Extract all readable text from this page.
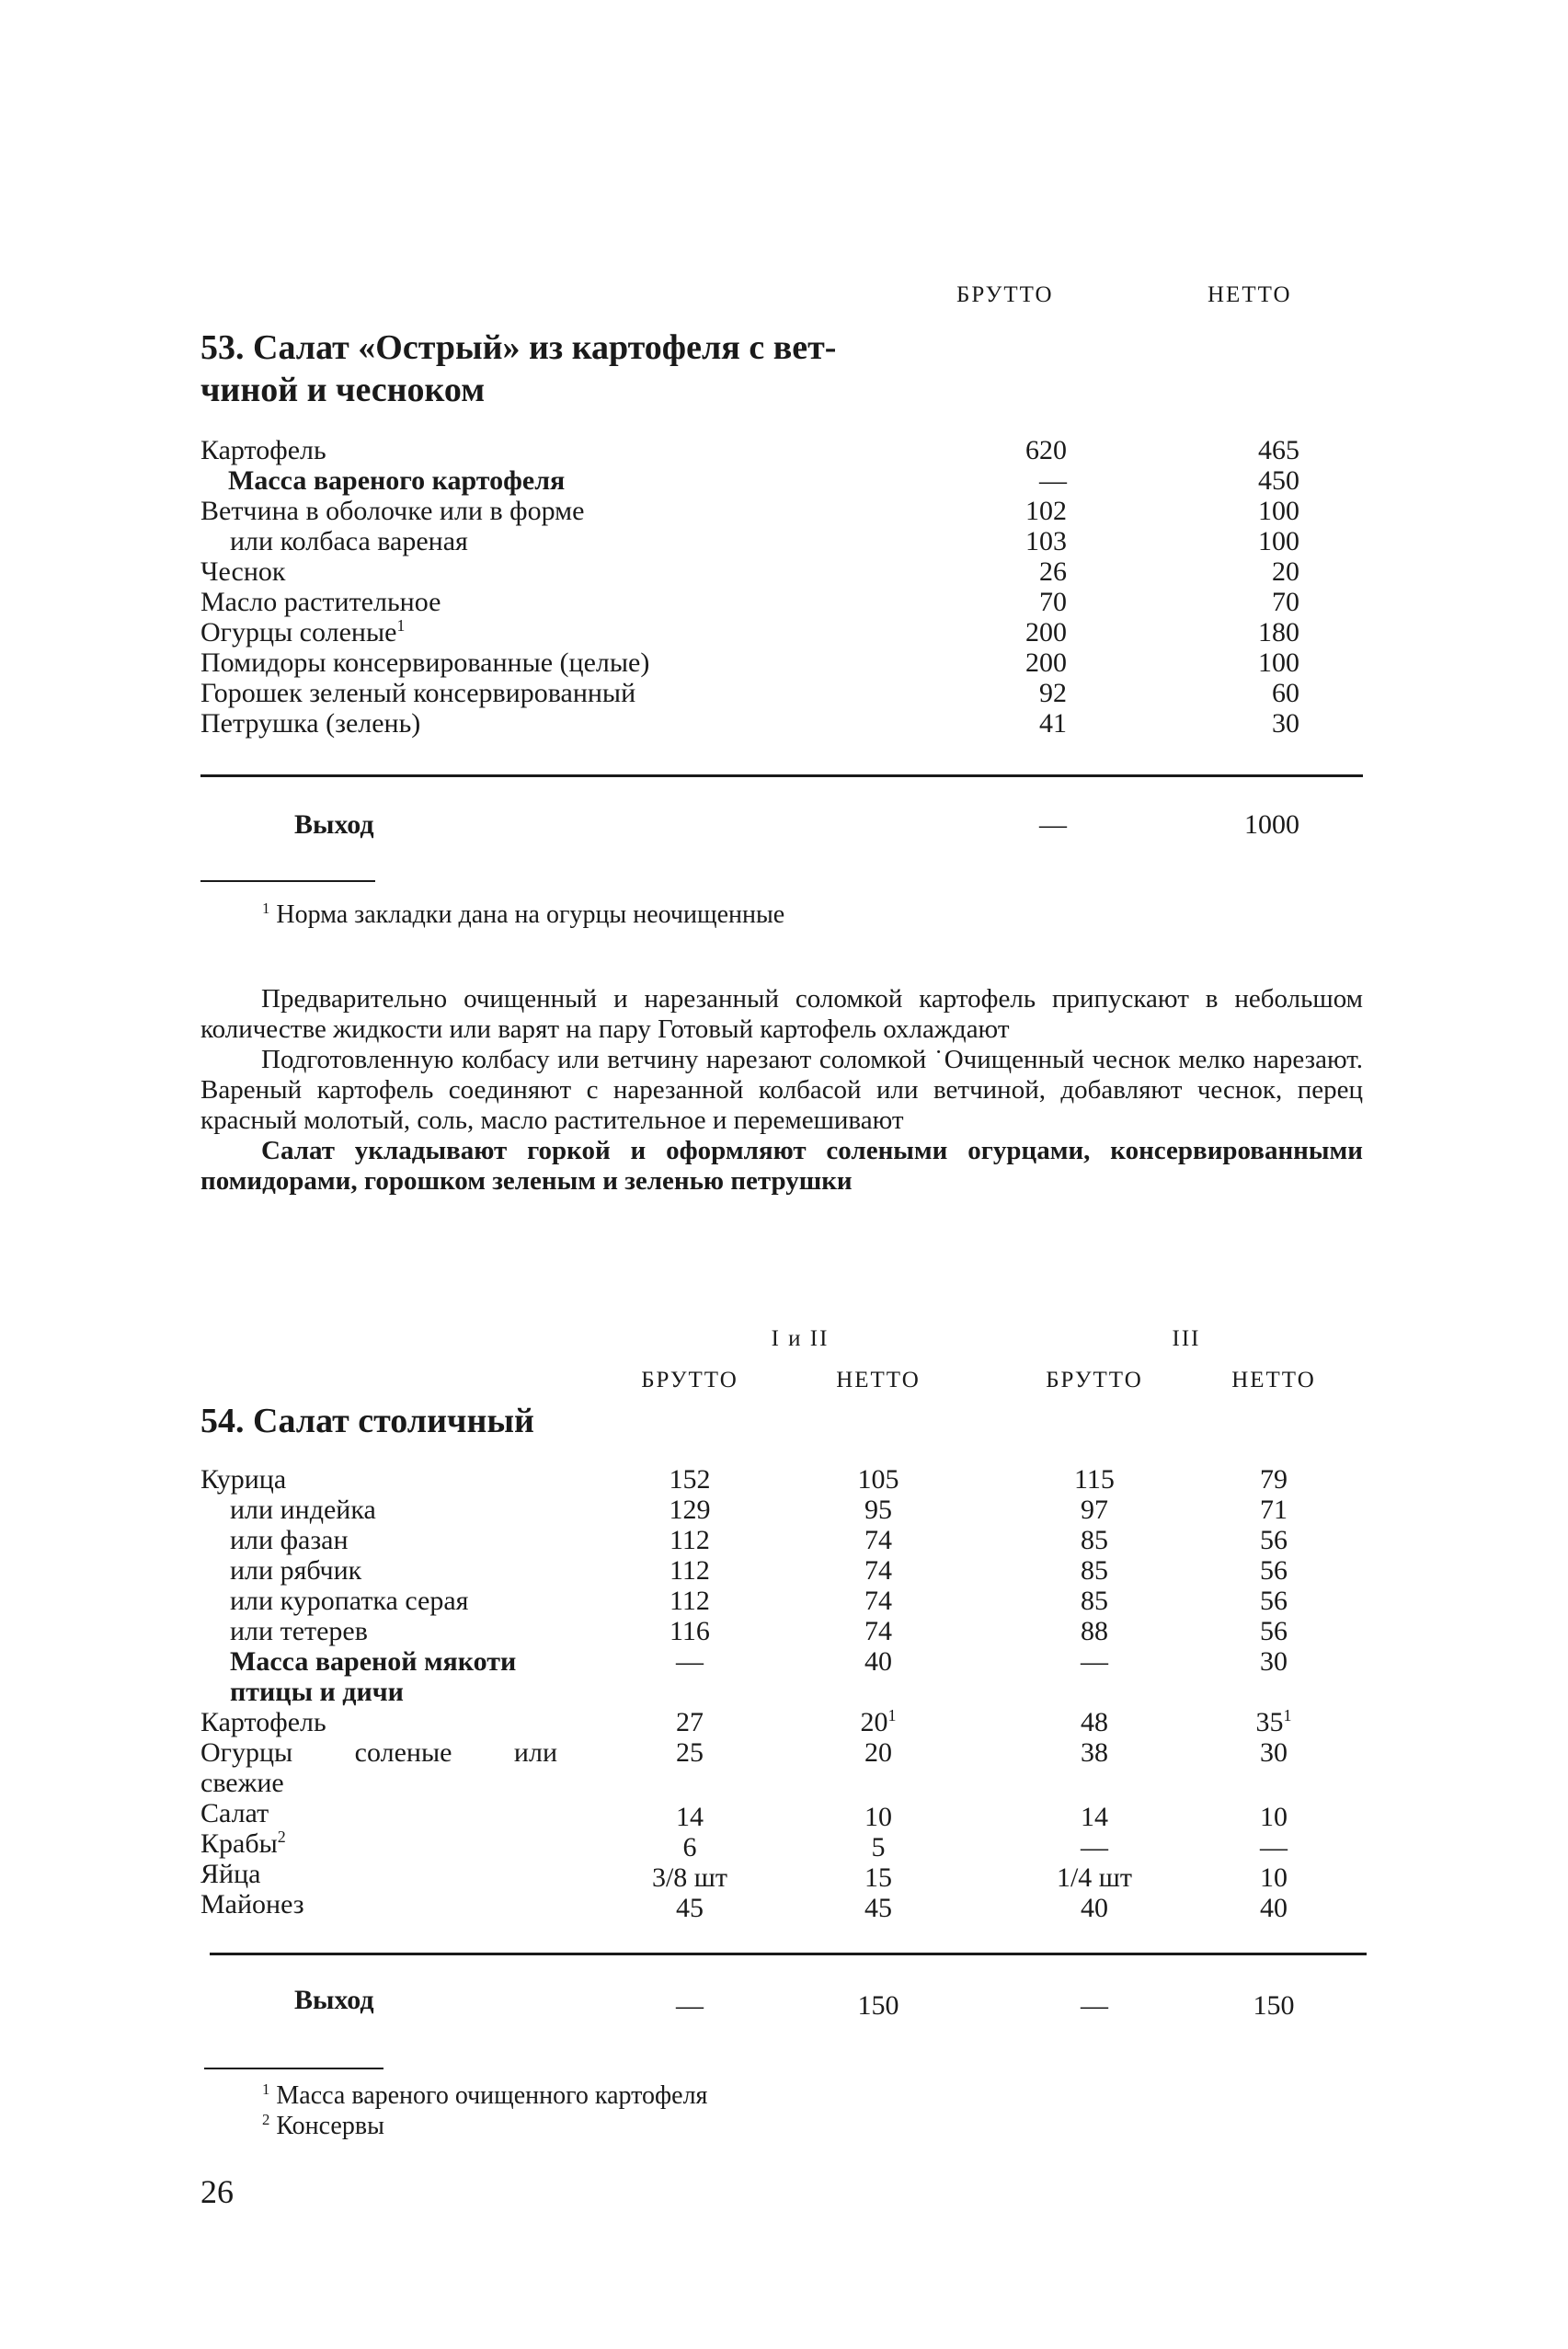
БРУТТО	НЕТТО
53. Салат «Острый» из картофеля с вет-
чиной и чесноком
Картофель	620	465
Масса вареного картофеля	—	450
Ветчина в оболочке или в форме	102	100
или колбаса вареная	103	100
Чеснок	26	20
Масло растительное	70	70
Огурцы соленые$^1$	200	180
Помидоры консервированные (целые)	200	100
Горошек зеленый консервированный	92	60
Петрушка (зелень)	41	30
Выход	—	1000
$^1$ Норма закладки дана на огурцы неочищенные

Предварительно очищенный и нарезанный соломкой картофель припускают в небольшом количестве жидкости или варят на пару Готовый картофель охлаждают

Подготовленную колбасу или ветчину нарезают соломкой ˙Очищенный чеснок мелко нарезают. Вареный картофель соединяют с нарезанной колбасой или ветчиной, добавляют чеснок, перец красный молотый, соль, масло растительное и перемешивают

Салат укладывают горкой и оформляют солеными огурцами, консервированными помидорами, горошком зеленым и зеленью петрушки

I и II	III
БРУТТО	НЕТТО	БРУТТО	НЕТТО
54. Салат столичный
Курица	152	105	115	79
или индейка	129	95	97	71
или фазан	112	74	85	56
или рябчик	112	74	85	56
или куропатка серая	112	74	85	56
или тетерев	116	74	88	56
Масса вареной мякоти
птицы и дичи
—	40	—	30
Картофель	27	$20^1$	48	$35^1$
Огурцы соленые или
свежие
25	20	38	30
Салат	14	10	14	10
Крабы$^2$	6	5	—	—
Яйца	3/8 шт	15	1/4 шт	10
Майонез	45	45	40	40
Выход	—	150	—	150
$^1$ Масса вареного очищенного картофеля
$^2$ Консервы
26
